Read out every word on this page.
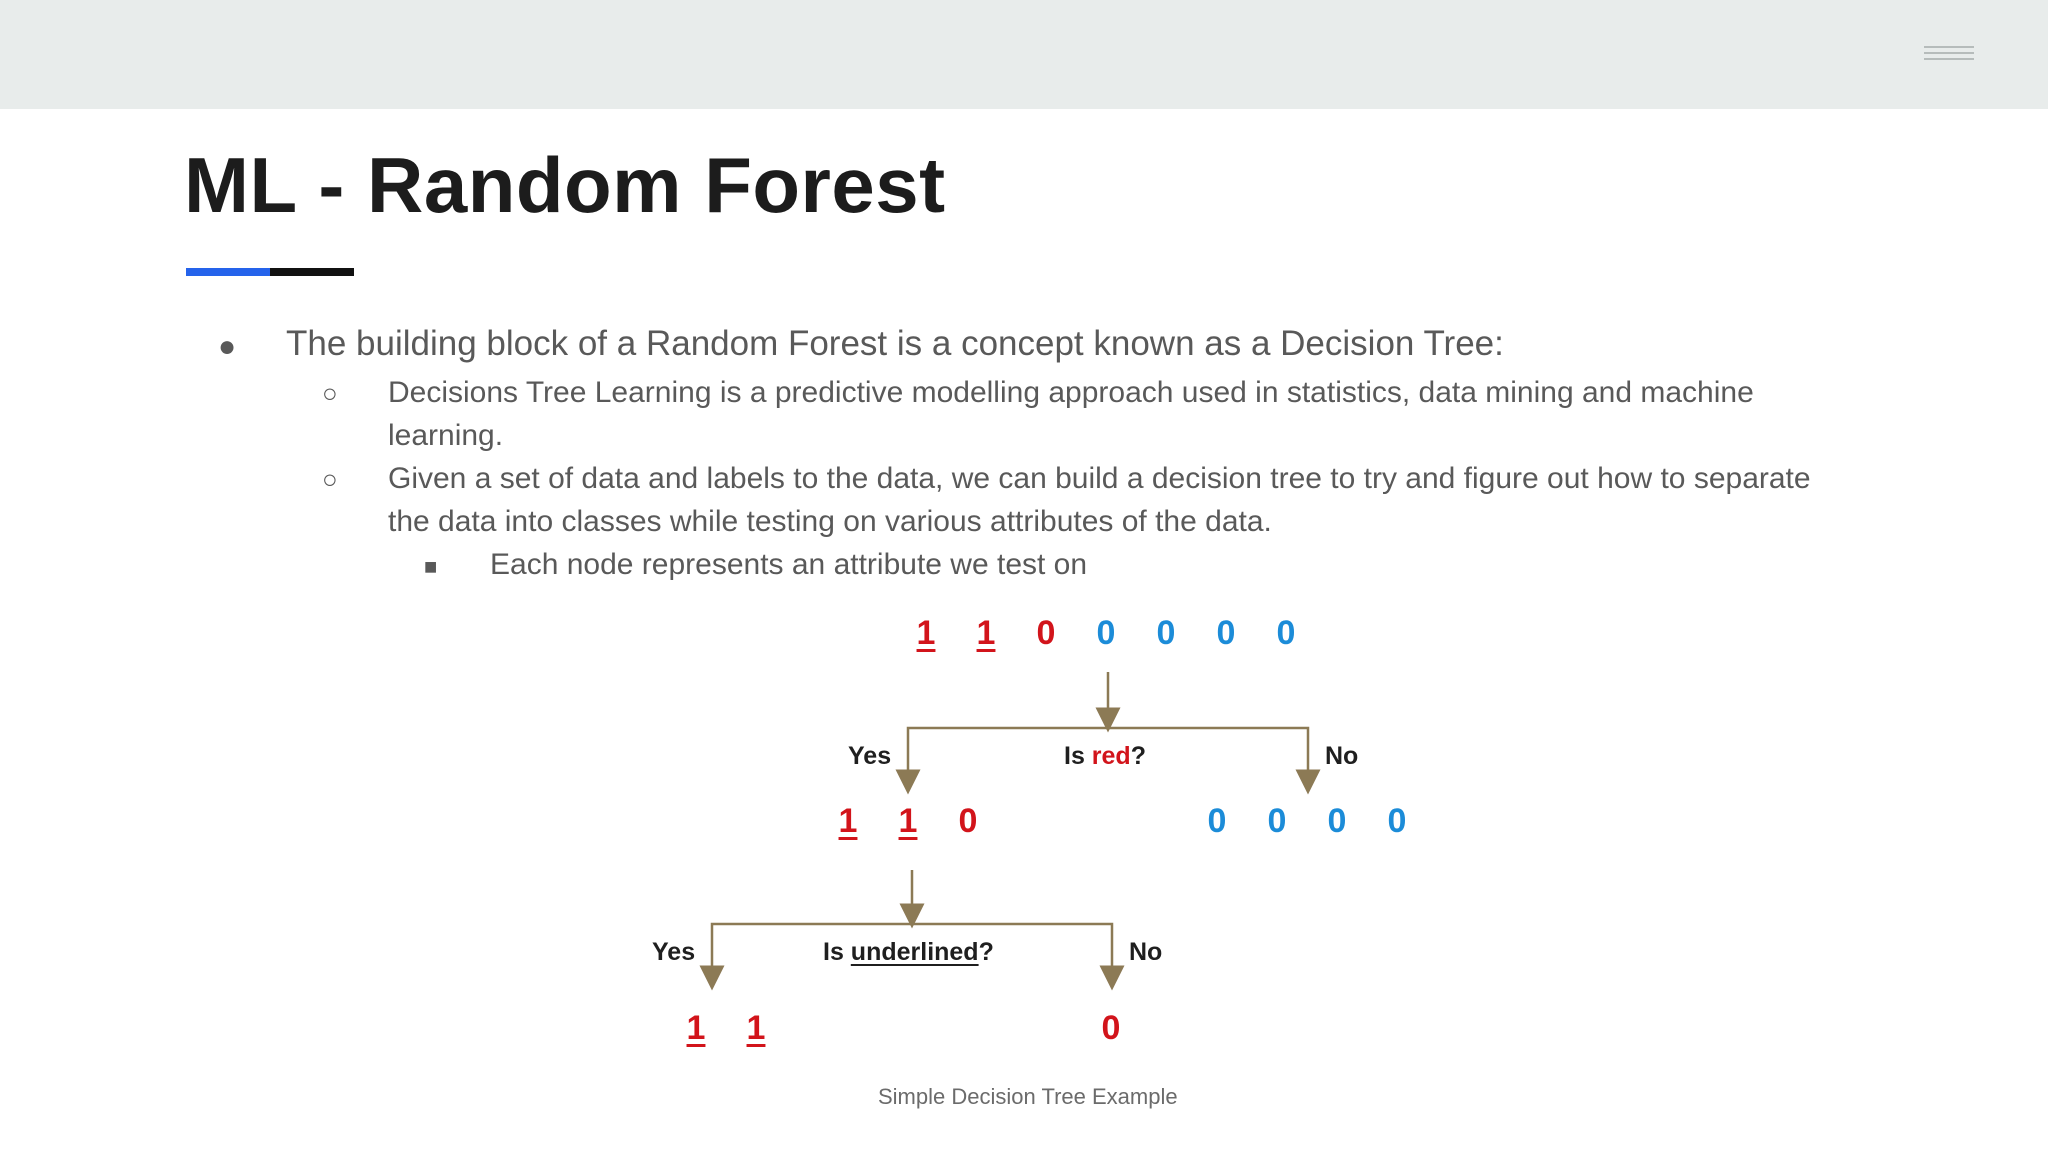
ML - Random Forest
● The building block of a Random Forest is a concept known as a Decision Tree:
○ Decisions Tree Learning is a predictive modelling approach used in statistics, data mining and machine
learning.
○ Given a set of data and labels to the data, we can build a decision tree to try and figure out how to separate
the data into classes while testing on various attributes of the data.
■ Each node represents an attribute we test on
1 1 0 0 0 0 0
Yes	Is red?	No
1 1 0	0 0 0 0
Yes	Is underlined?	No
1 1	0
Simple Decision Tree Example
